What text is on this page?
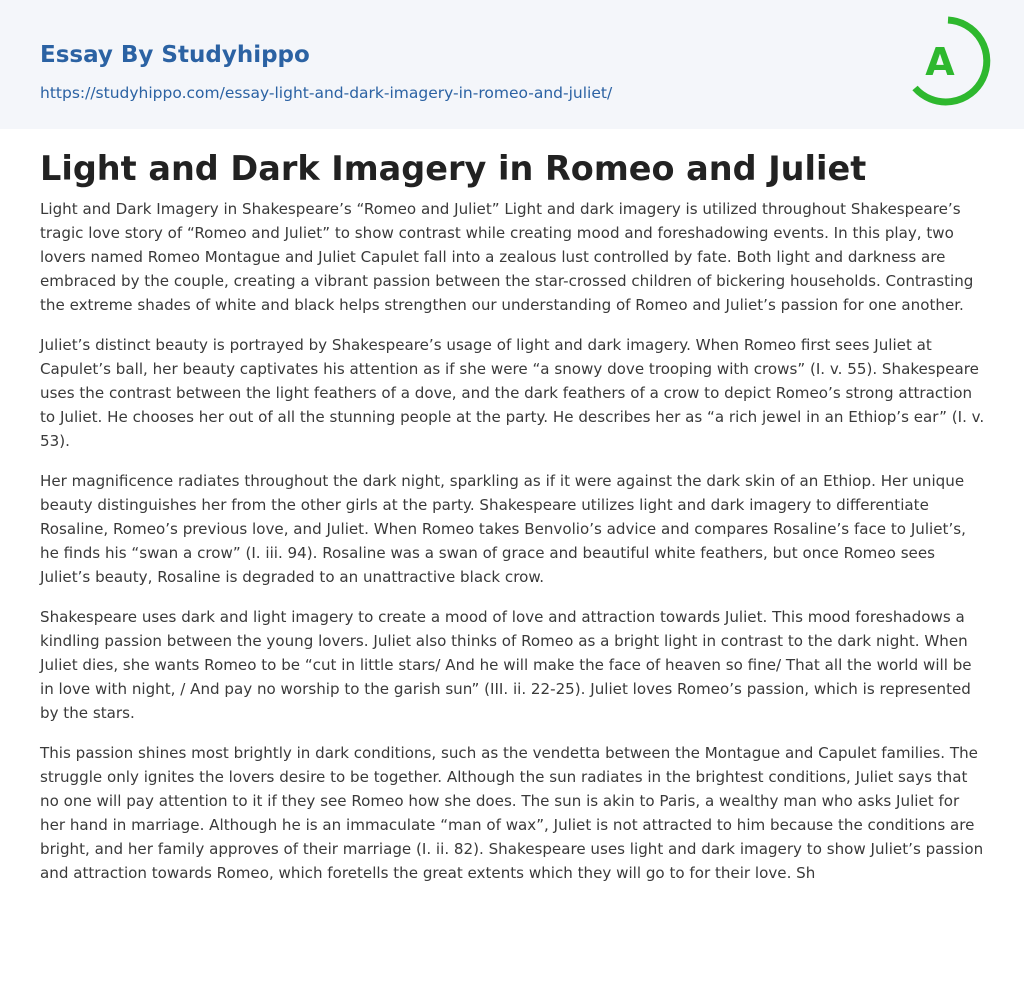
Essay By Studyhippo
https://studyhippo.com/essay-light-and-dark-imagery-in-romeo-and-juliet/
A
Light and Dark Imagery in Romeo and Juliet

Light and Dark Imagery in Shakespeare’s “Romeo and Juliet” Light and dark imagery is utilized throughout Shakespeare’s tragic love story of “Romeo and Juliet” to show contrast while creating mood and foreshadowing events. In this play, two lovers named Romeo Montague and Juliet Capulet fall into a zealous lust controlled by fate. Both light and darkness are embraced by the couple, creating a vibrant passion between the star-crossed children of bickering households. Contrasting the extreme shades of white and black helps strengthen our understanding of Romeo and Juliet’s passion for one another.

Juliet’s distinct beauty is portrayed by Shakespeare’s usage of light and dark imagery. When Romeo first sees Juliet at Capulet’s ball, her beauty captivates his attention as if she were “a snowy dove trooping with crows” (I. v. 55). Shakespeare uses the contrast between the light feathers of a dove, and the dark feathers of a crow to depict Romeo’s strong attraction to Juliet. He chooses her out of all the stunning people at the party. He describes her as “a rich jewel in an Ethiop’s ear” (I. v. 53).

Her magnificence radiates throughout the dark night, sparkling as if it were against the dark skin of an Ethiop. Her unique beauty distinguishes her from the other girls at the party. Shakespeare utilizes light and dark imagery to differentiate Rosaline, Romeo’s previous love, and Juliet. When Romeo takes Benvolio’s advice and compares Rosaline’s face to Juliet’s, he finds his “swan a crow” (I. iii. 94). Rosaline was a swan of grace and beautiful white feathers, but once Romeo sees Juliet’s beauty, Rosaline is degraded to an unattractive black crow.

Shakespeare uses dark and light imagery to create a mood of love and attraction towards Juliet. This mood foreshadows a kindling passion between the young lovers. Juliet also thinks of Romeo as a bright light in contrast to the dark night. When Juliet dies, she wants Romeo to be “cut in little stars/ And he will make the face of heaven so fine/ That all the world will be in love with night, / And pay no worship to the garish sun” (III. ii. 22-25). Juliet loves Romeo’s passion, which is represented by the stars.

This passion shines most brightly in dark conditions, such as the vendetta between the Montague and Capulet families. The struggle only ignites the lovers desire to be together. Although the sun radiates in the brightest conditions, Juliet says that no one will pay attention to it if they see Romeo how she does. The sun is akin to Paris, a wealthy man who asks Juliet for her hand in marriage. Although he is an immaculate “man of wax”, Juliet is not attracted to him because the conditions are bright, and her family approves of their marriage (I. ii. 82). Shakespeare uses light and dark imagery to show Juliet’s passion and attraction towards Romeo, which foretells the great extents which they will go to for their love. Sh
